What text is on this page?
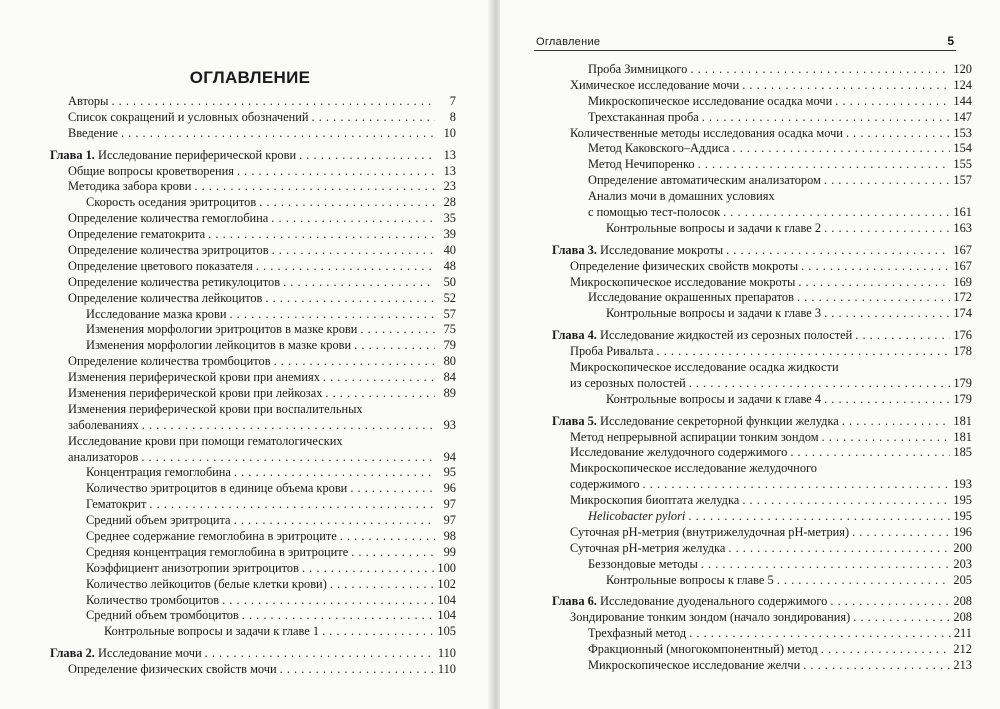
ОГЛАВЛЕНИЕ
Авторы . . .	7
Список сокращений и условных обозначений . . .	8
Введение . . .	10
Глава 1. Исследование периферической крови . . .	13
Общие вопросы кроветворения . . .	13
Методика забора крови . . .	23
Скорость оседания эритроцитов . . .	28
Определение количества гемоглобина . . .	35
Определение гематокрита . . .	39
Определение количества эритроцитов . . .	40
Определение цветового показателя . . .	48
Определение количества ретикулоцитов . . .	50
Определение количества лейкоцитов . . .	52
Исследование мазка крови . . .	57
Изменения морфологии эритроцитов в мазке крови . . .	75
Изменения морфологии лейкоцитов в мазке крови . . .	79
Определение количества тромбоцитов . . .	80
Изменения периферической крови при анемиях . . .	84
Изменения периферической крови при лейкозах . . .	89
Изменения периферической крови при воспалительных
заболеваниях . . .	93
Исследование крови при помощи гематологических
анализаторов . . .	94
Концентрация гемоглобина . . .	95
Количество эритроцитов в единице объема крови . . .	96
Гематокрит . . .	97
Средний объем эритроцита . . .	97
Среднее содержание гемоглобина в эритроците . . .	98
Средняя концентрация гемоглобина в эритроците . . .	99
Коэффициент анизотропии эритроцитов . . .	100
Количество лейкоцитов (белые клетки крови) . . .	102
Количество тромбоцитов . . .	104
Средний объем тромбоцитов . . .	104
Контрольные вопросы и задачи к главе 1 . . .	105
Глава 2. Исследование мочи . . .	110
Определение физических свойств мочи . . .	110
Оглавление	5
Проба Зимницкого . . .	120
Химическое исследование мочи . . .	124
Микроскопическое исследование осадка мочи . . .	144
Трехстаканная проба . . .	147
Количественные методы исследования осадка мочи . . .	153
Метод Каковского–Аддиса . . .	154
Метод Нечипоренко . . .	155
Определение автоматическим анализатором . . .	157
Анализ мочи в домашних условиях
с помощью тест-полосок . . .	161
Контрольные вопросы и задачи к главе 2 . . .	163
Глава 3. Исследование мокроты . . .	167
Определение физических свойств мокроты . . .	167
Микроскопическое исследование мокроты . . .	169
Исследование окрашенных препаратов . . .	172
Контрольные вопросы и задачи к главе 3 . . .	174
Глава 4. Исследование жидкостей из серозных полостей . . .	176
Проба Ривальта . . .	178
Микроскопическое исследование осадка жидкости
из серозных полостей . . .	179
Контрольные вопросы и задачи к главе 4 . . .	179
Глава 5. Исследование секреторной функции желудка . . .	181
Метод непрерывной аспирации тонким зондом . . .	181
Исследование желудочного содержимого . . .	185
Микроскопическое исследование желудочного
содержимого . . .	193
Микроскопия биоптата желудка . . .	195
Helicobacter pylori . . .	195
Суточная pH-метрия (внутрижелудочная pH-метрия) . . .	196
Суточная pH-метрия желудка . . .	200
Беззондовые методы . . .	203
Контрольные вопросы к главе 5 . . .	205
Глава 6. Исследование дуоденального содержимого . . .	208
Зондирование тонким зондом (начало зондирования) . . .	208
Трехфазный метод . . .	211
Фракционный (многокомпонентный) метод . . .	212
Микроскопическое исследование желчи . . .	213
